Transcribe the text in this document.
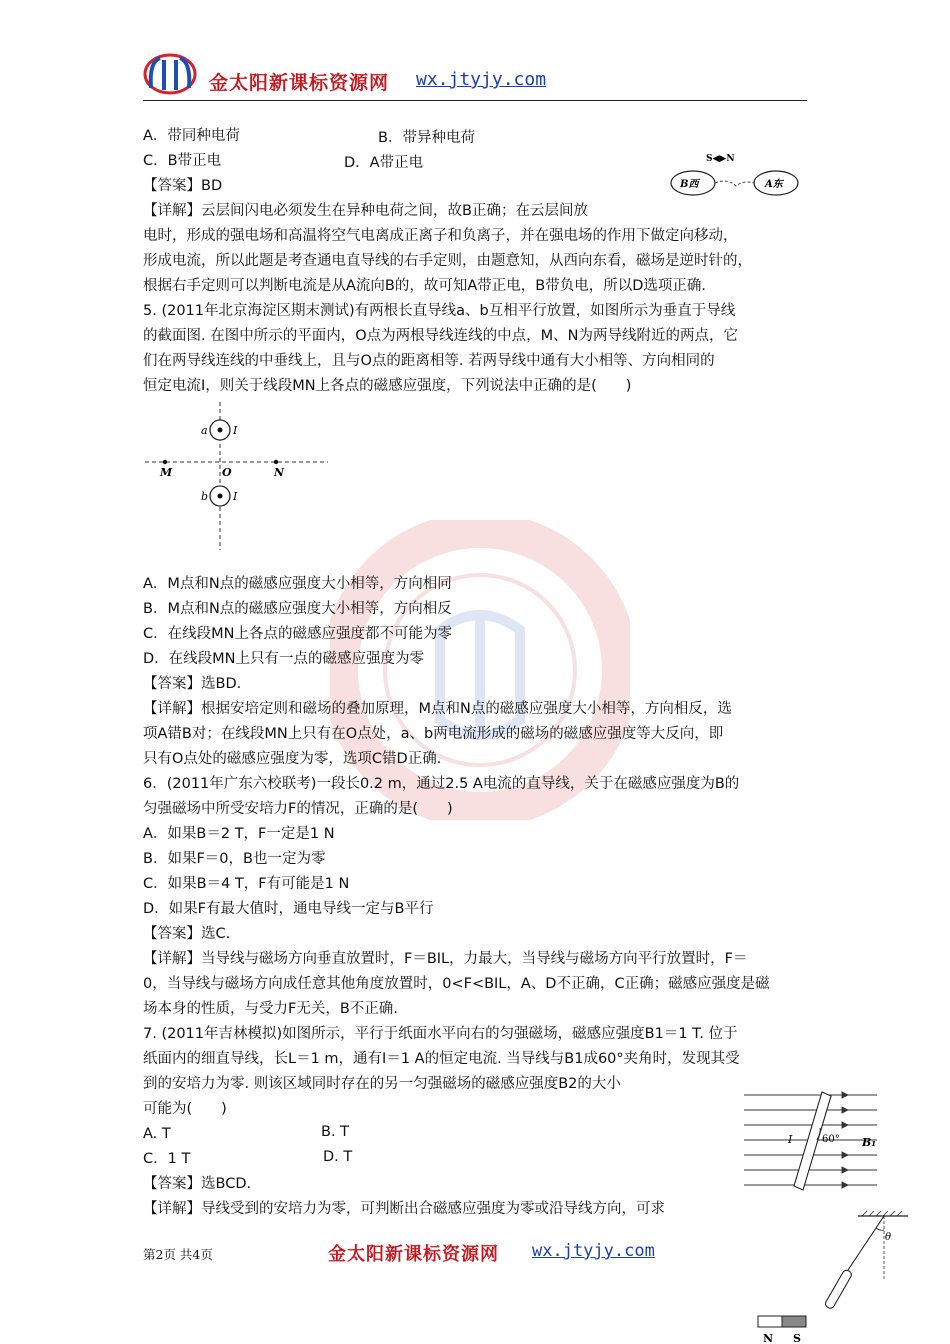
金太阳新课标资源网 wx.jtyjy.com
A．带同种电荷	B．带异种电荷
C．B带正电	D．A带正电
【答案】BD
【详解】云层间闪电必须发生在异种电荷之间，故B正确；在云层间放
电时，形成的强电场和高温将空气电离成正离子和负离子，并在强电场的作用下做定向移动，
形成电流，所以此题是考查通电直导线的右手定则，由题意知，从西向东看，磁场是逆时针的，
根据右手定则可以判断电流是从A流向B的，故可知A带正电，B带负电，所以D选项正确．
S◀▶N
B西	A东
5. (2011年北京海淀区期末测试)有两根长直导线a、b互相平行放置，如图所示为垂直于导线
的截面图. 在图中所示的平面内，O点为两根导线连线的中点，M、N为两导线附近的两点，它
们在两导线连线的中垂线上，且与O点的距离相等. 若两导线中通有大小相等、方向相同的
恒定电流I，则关于线段MN上各点的磁感应强度，下列说法中正确的是(　　)
a I
b I
M	O	N
A．M点和N点的磁感应强度大小相等，方向相同
B．M点和N点的磁感应强度大小相等，方向相反
C．在线段MN上各点的磁感应强度都不可能为零
D．在线段MN上只有一点的磁感应强度为零
【答案】选BD.
【详解】根据安培定则和磁场的叠加原理，M点和N点的磁感应强度大小相等，方向相反，选
项A错B对；在线段MN上只有在O点处，a、b两电流形成的磁场的磁感应强度等大反向，即
只有O点处的磁感应强度为零，选项C错D正确.
6．(2011年广东六校联考)一段长0.2 m，通过2.5 A电流的直导线，关于在磁感应强度为B的
匀强磁场中所受安培力F的情况，正确的是(　　)
A．如果B＝2 T，F一定是1 N
B．如果F＝0，B也一定为零
C．如果B＝4 T，F有可能是1 N
D．如果F有最大值时，通电导线一定与B平行
【答案】选C.
【详解】当导线与磁场方向垂直放置时，F＝BIL，力最大，当导线与磁场方向平行放置时，F＝
0，当导线与磁场方向成任意其他角度放置时，0<F<BIL，A、D不正确，C正确；磁感应强度是磁
场本身的性质，与受力F无关，B不正确.
7. (2011年吉林模拟)如图所示，平行于纸面水平向右的匀强磁场，磁感应强度B1＝1 T. 位于
纸面内的细直导线，长L＝1 m，通有I＝1 A的恒定电流. 当导线与B1成60°夹角时，发现其受
到的安培力为零. 则该区域同时存在的另一匀强磁场的磁感应强度B2的大小
可能为(　　)
A. T	B. T
C．1 T	D. T
【答案】选BCD.
【详解】导线受到的安培力为零，可判断出合磁感应强度为零或沿导线方向，可求
I	60° B₁
θ
N S
第2页 共4页	金太阳新课标资源网 wx.jtyjy.com
